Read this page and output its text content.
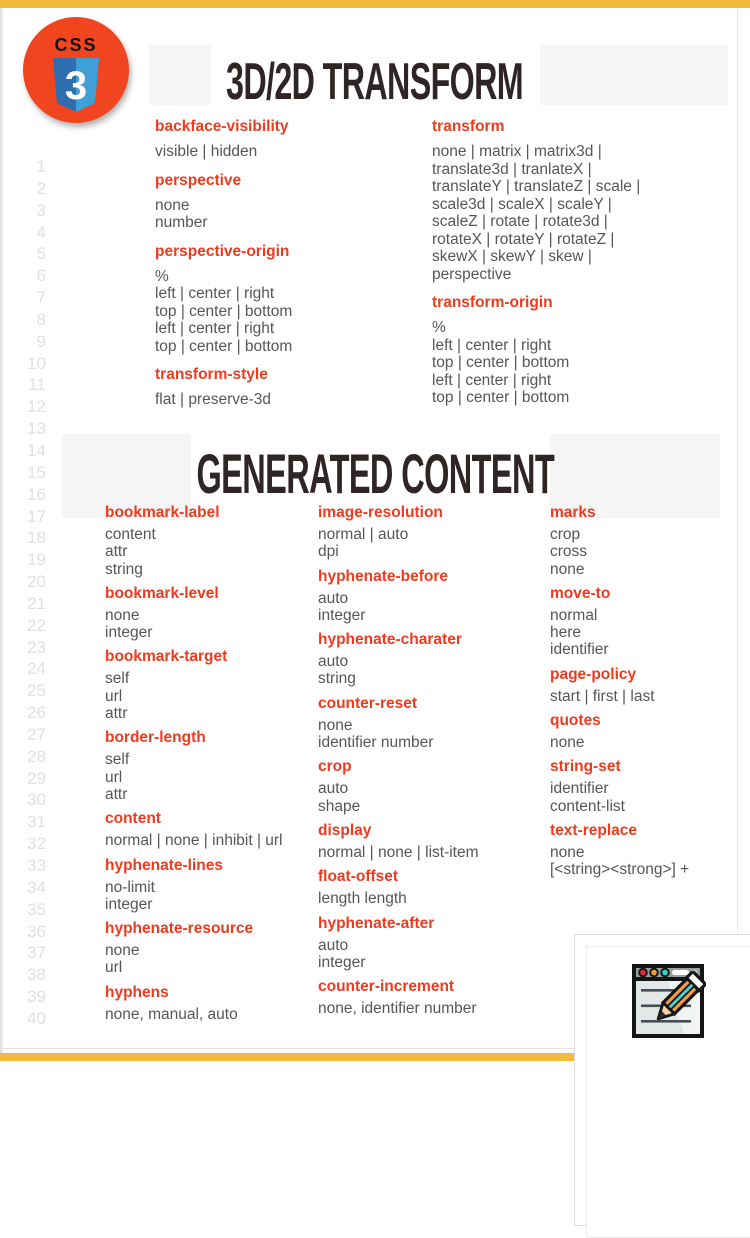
CSS
3	3D/2D TRANSFORM
GENERATED CONTENT
1
2
3
4
5
6
7
8
9
10
11
12
13
14
15
16
17
18
19
20
21
22
23
24
25
26
27
28
29
30
31
32
33
34
35
36
37
38
39
40
backface-visibility
visible | hidden
perspective
none
number
perspective-origin
%
left | center | right
top | center | bottom
left | center | right
top | center | bottom
transform-style
flat | preserve-3d
transform
none | matrix | matrix3d |
translate3d | tranlateX |
translateY | translateZ | scale |
scale3d | scaleX | scaleY |
scaleZ | rotate | rotate3d |
rotateX | rotateY | rotateZ |
skewX | skewY | skew |
perspective
transform-origin
%
left | center | right
top | center | bottom
left | center | right
top | center | bottom
bookmark-label
content
attr
string
bookmark-level
none
integer
bookmark-target
self
url
attr
border-length
self
url
attr
content
normal | none | inhibit | url
hyphenate-lines
no-limit
integer
hyphenate-resource
none
url
hyphens
none, manual, auto
image-resolution
normal | auto
dpi
hyphenate-before
auto
integer
hyphenate-charater
auto
string
counter-reset
none
identifier number
crop
auto
shape
display
normal | none | list-item
float-offset
length length
hyphenate-after
auto
integer
counter-increment
none, identifier number
marks
crop
cross
none
move-to
normal
here
identifier
page-policy
start | first | last
quotes
none
string-set
identifier
content-list
text-replace
none
[<string><strong>] +
